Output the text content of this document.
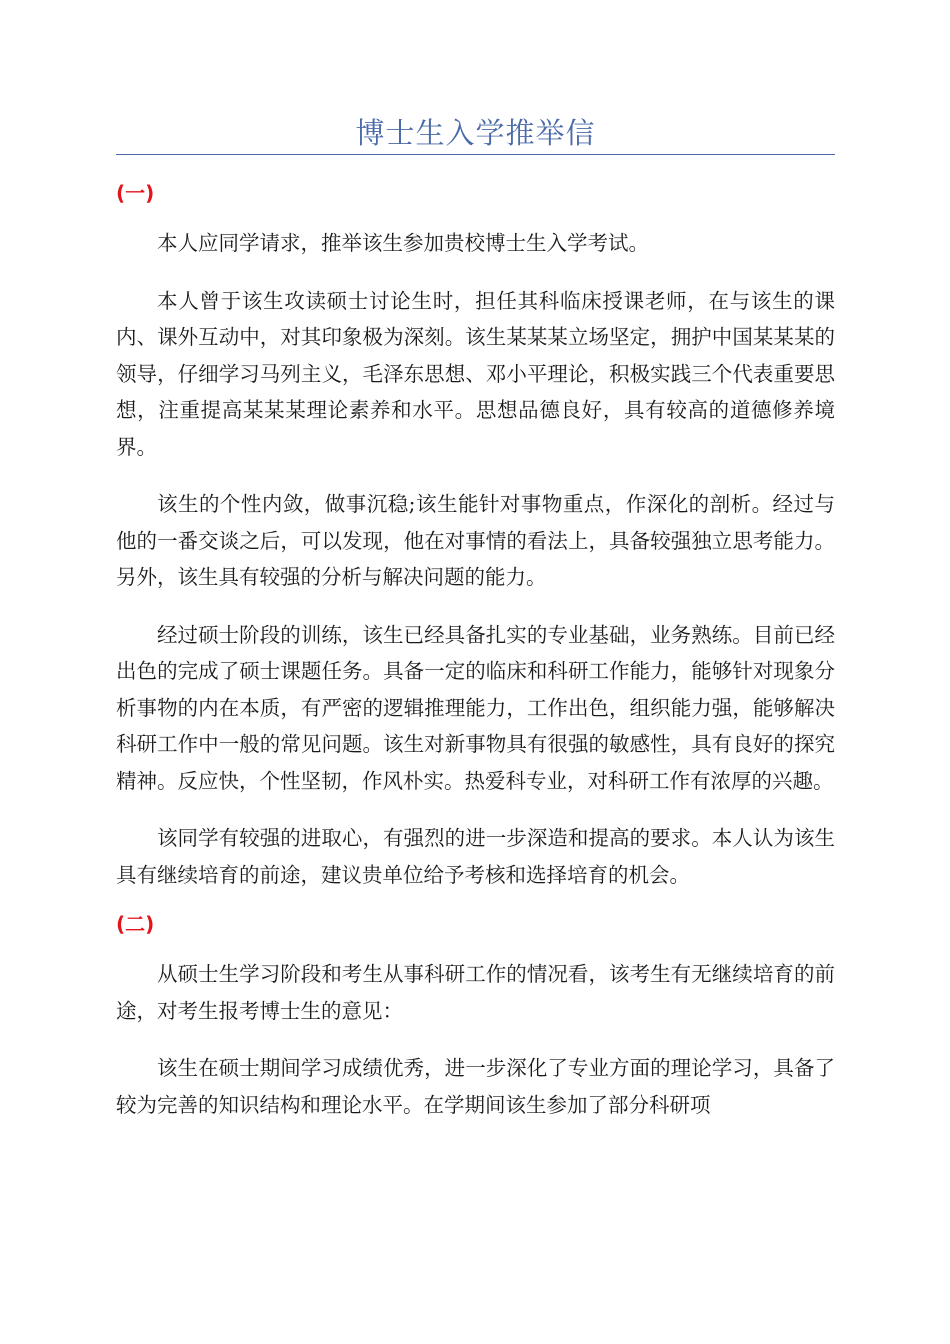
博士生入学推举信
(一)

本人应同学请求，推举该生参加贵校博士生入学考试。

本人曾于该生攻读硕士讨论生时，担任其科临床授课老师，在与该生的课内、课外互动中，对其印象极为深刻。该生某某某立场坚定，拥护中国某某某的领导，仔细学习马列主义，毛泽东思想、邓小平理论，积极实践三个代表重要思想，注重提高某某某理论素养和水平。思想品德良好，具有较高的道德修养境界。

该生的个性内敛，做事沉稳;该生能针对事物重点，作深化的剖析。经过与他的一番交谈之后，可以发现，他在对事情的看法上，具备较强独立思考能力。另外，该生具有较强的分析与解决问题的能力。

经过硕士阶段的训练，该生已经具备扎实的专业基础，业务熟练。目前已经出色的完成了硕士课题任务。具备一定的临床和科研工作能力，能够针对现象分析事物的内在本质，有严密的逻辑推理能力，工作出色，组织能力强，能够解决科研工作中一般的常见问题。该生对新事物具有很强的敏感性，具有良好的探究精神。反应快，个性坚韧，作风朴实。热爱科专业，对科研工作有浓厚的兴趣。

该同学有较强的进取心，有强烈的进一步深造和提高的要求。本人认为该生具有继续培育的前途，建议贵单位给予考核和选择培育的机会。

(二)

从硕士生学习阶段和考生从事科研工作的情况看，该考生有无继续培育的前途，对考生报考博士生的意见：

该生在硕士期间学习成绩优秀，进一步深化了专业方面的理论学习，具备了较为完善的知识结构和理论水平。在学期间该生参加了部分科研项
